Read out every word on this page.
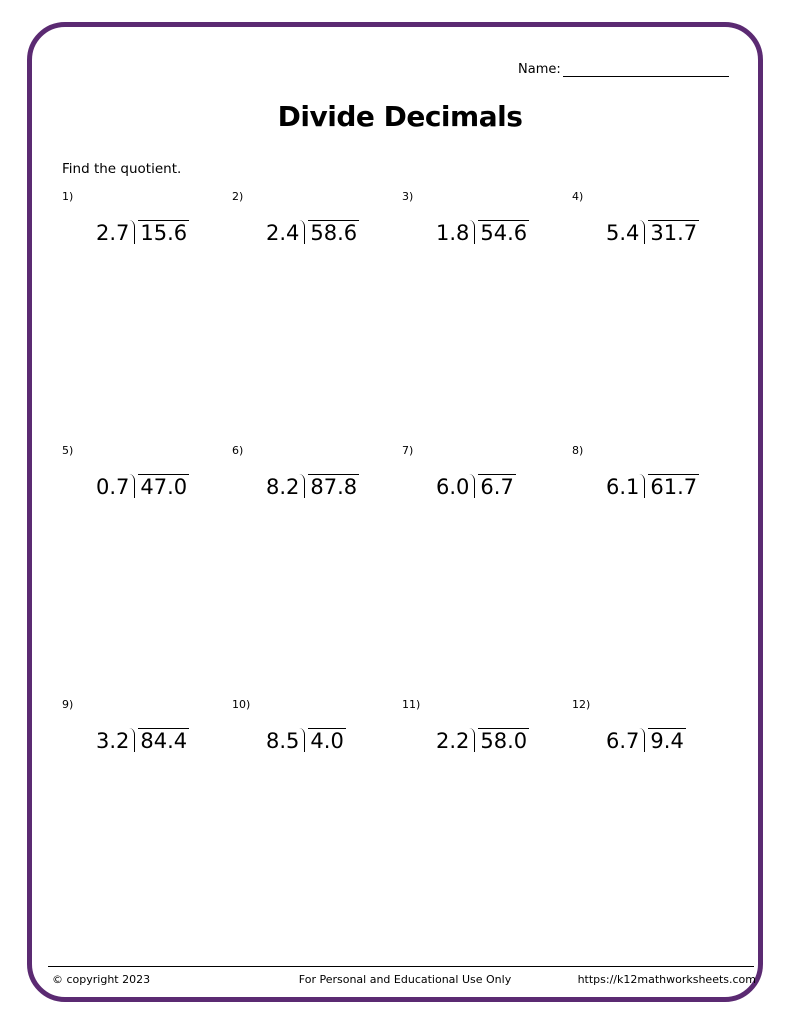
Name:
Divide Decimals
Find the quotient.
1)
2.7 15.6
2)
2.4 58.6
3)
1.8 54.6
4)
5.4 31.7
5)
0.7 47.0
6)
8.2 87.8
7)
6.0 6.7
8)
6.1 61.7
9)
3.2 84.4
10)
8.5 4.0
11)
2.2 58.0
12)
6.7 9.4
© copyright 2023	For Personal and Educational Use Only	https://k12mathworksheets.com
